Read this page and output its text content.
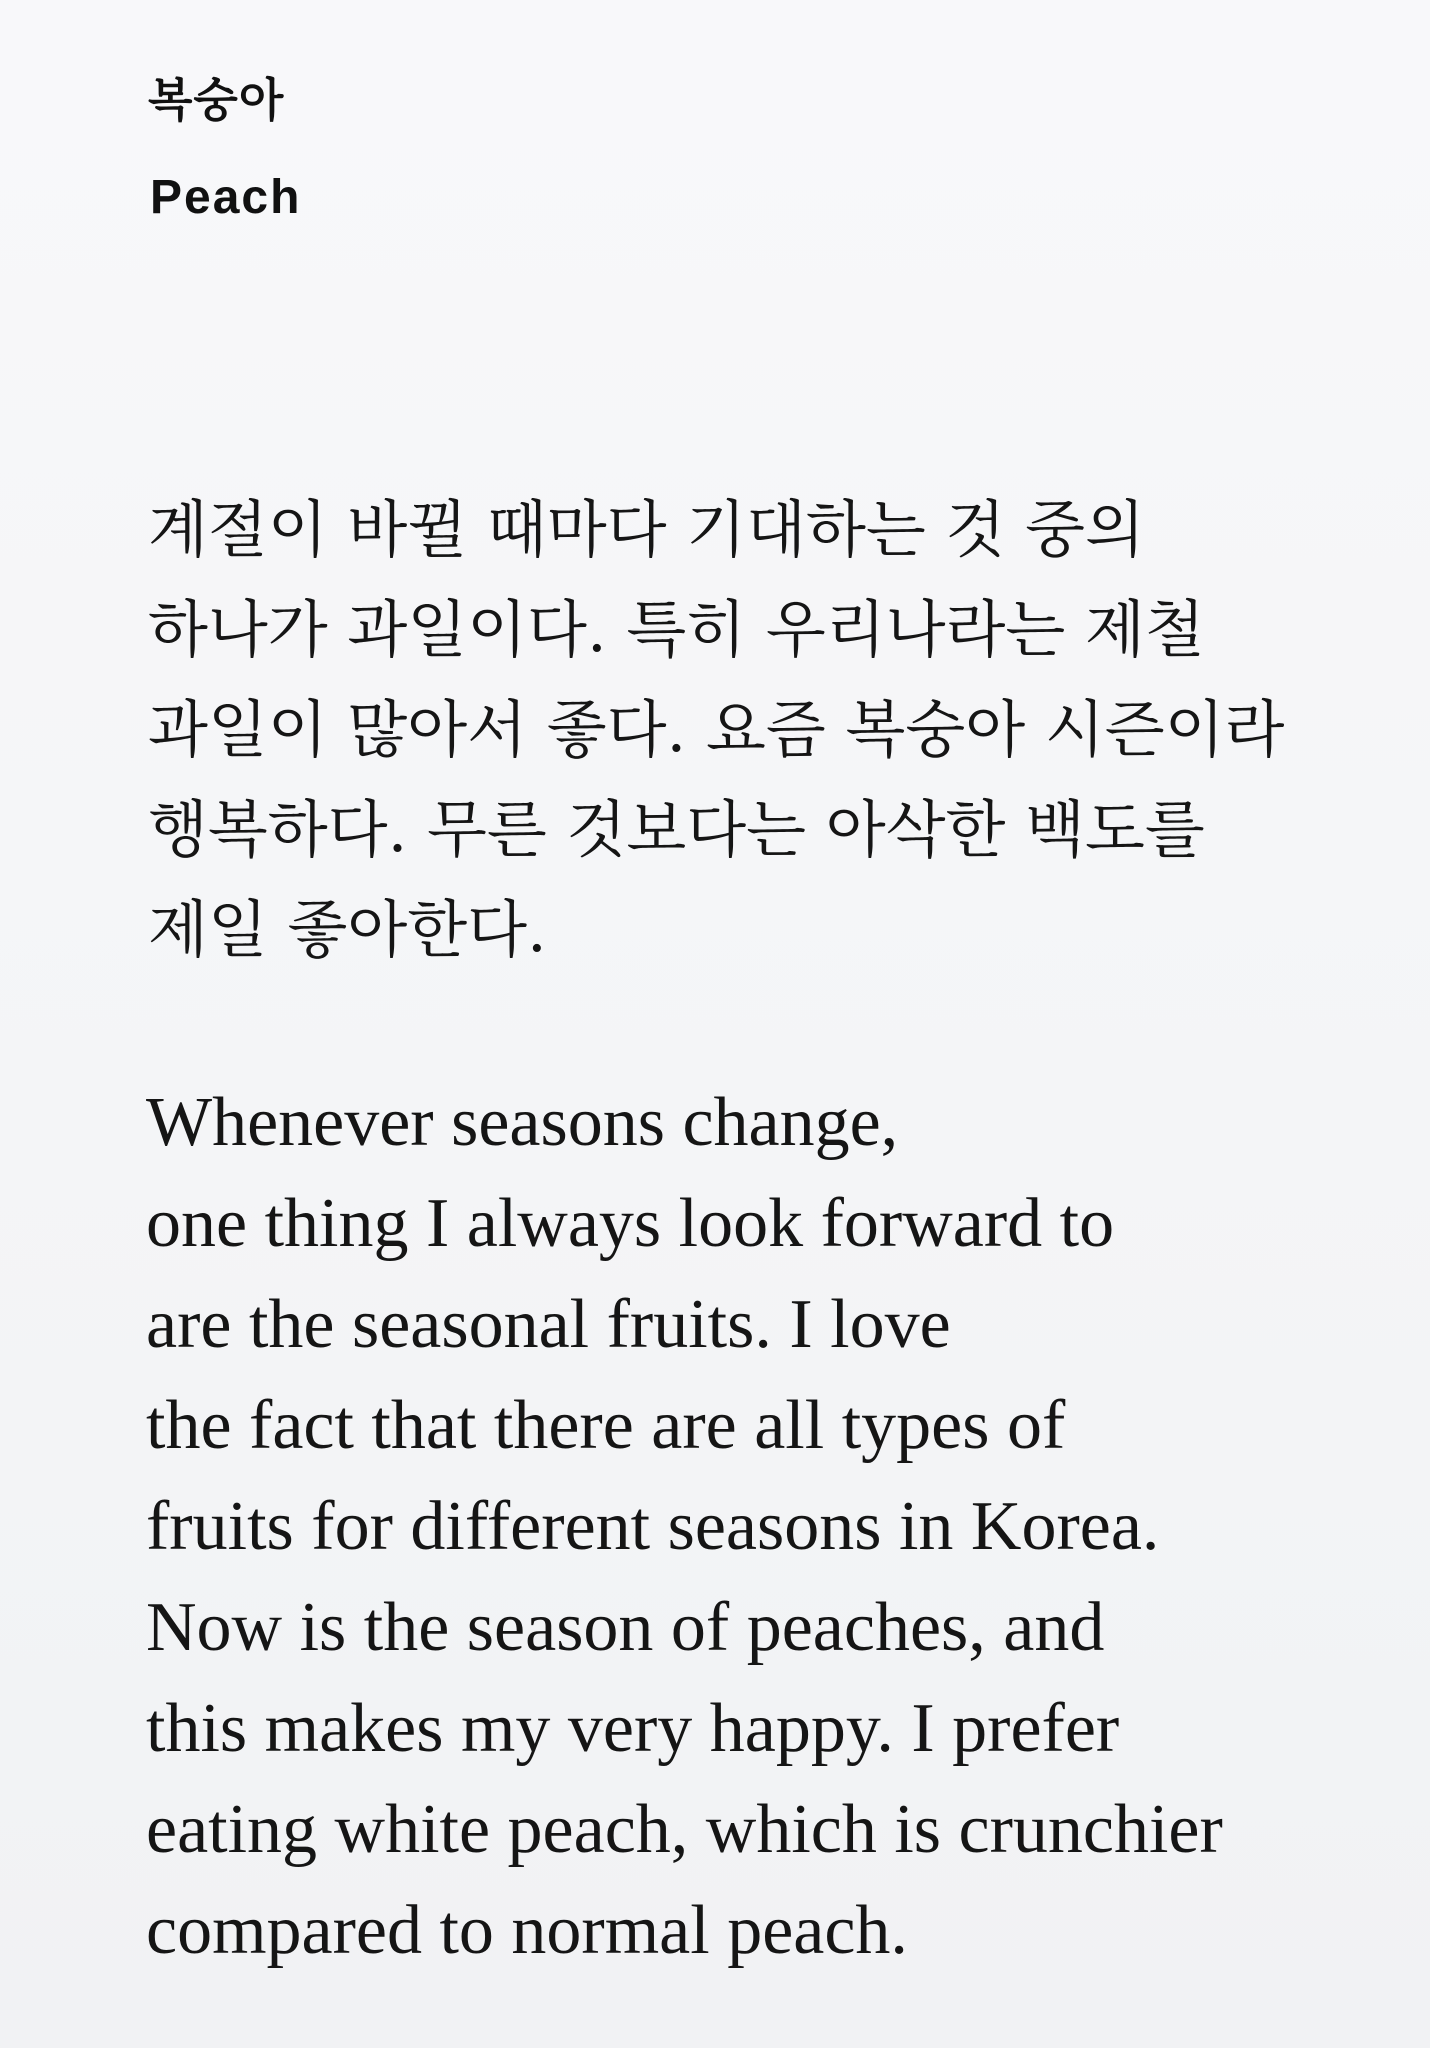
복숭아
Peach

계절이 바뀔 때마다 기대하는 것 중의
하나가 과일이다. 특히 우리나라는 제철
과일이 많아서 좋다. 요즘 복숭아 시즌이라
행복하다. 무른 것보다는 아삭한 백도를
제일 좋아한다.

Whenever seasons change,
one thing I always look forward to
are the seasonal fruits. I love
the fact that there are all types of
fruits for different seasons in Korea.
Now is the season of peaches, and
this makes my very happy. I prefer
eating white peach, which is crunchier
compared to normal peach.
